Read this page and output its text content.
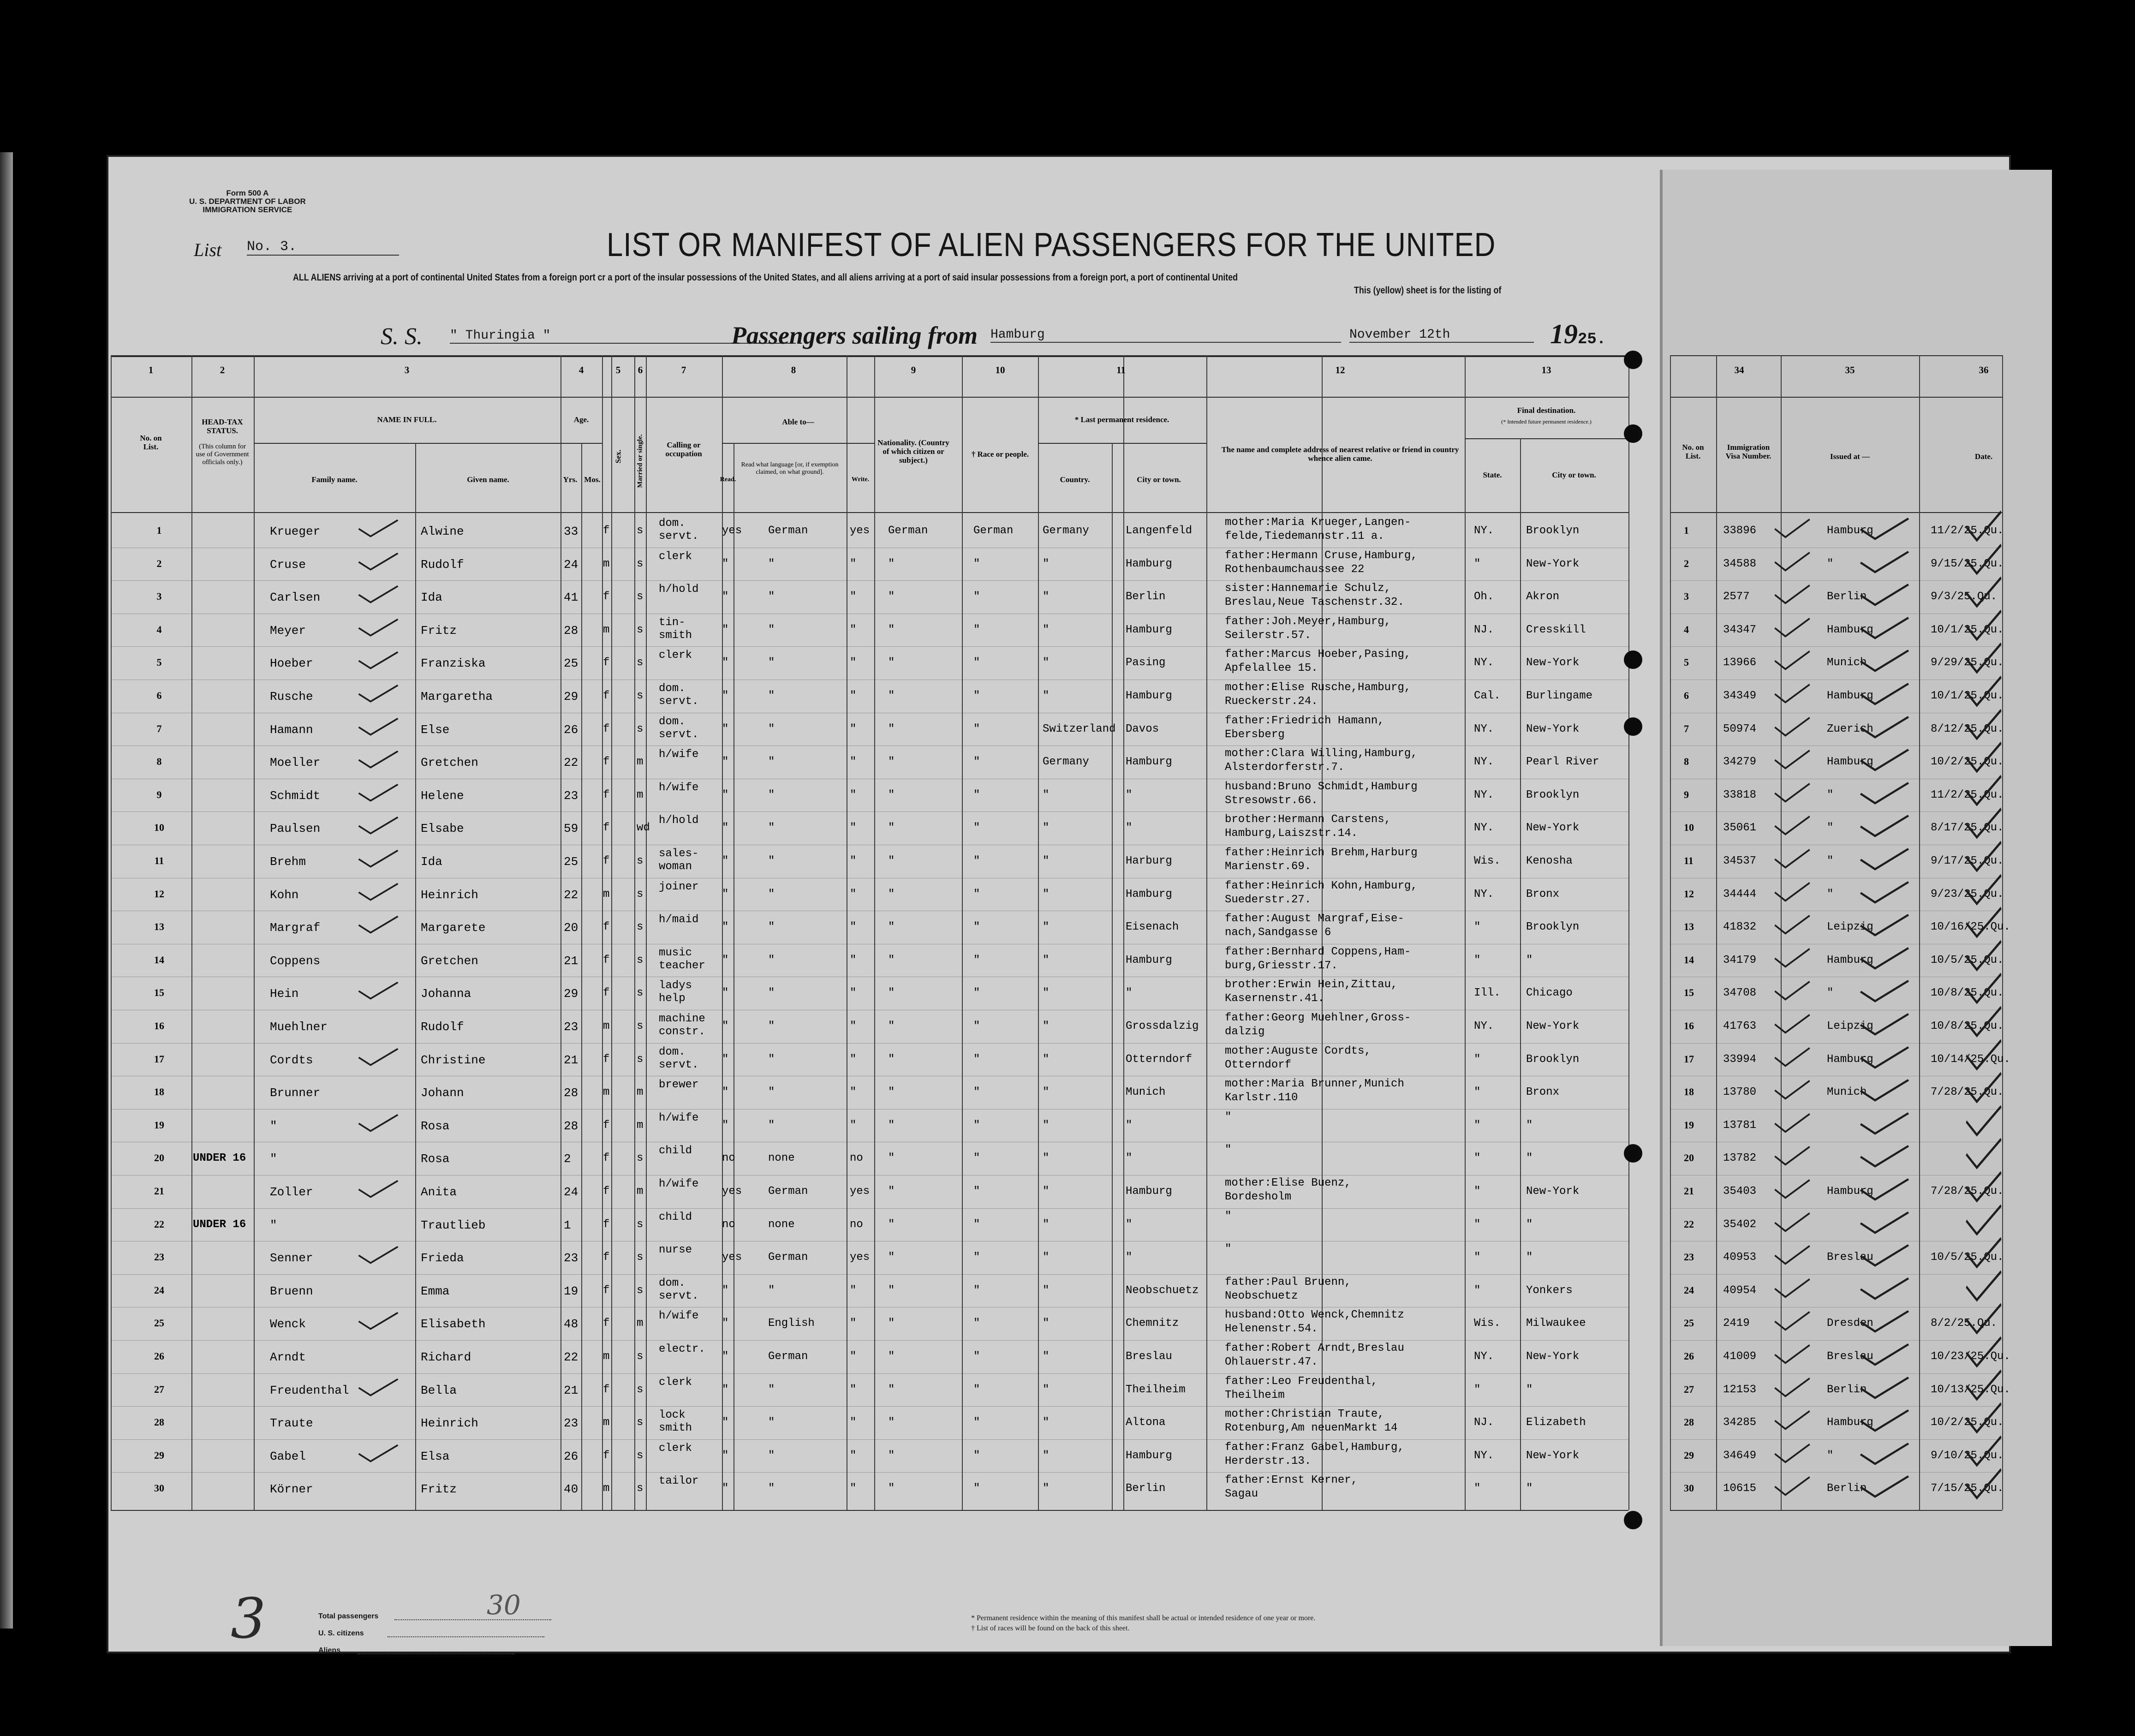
Form 500 A
U. S. DEPARTMENT OF LABOR
IMMIGRATION SERVICE
List No. 3.	LIST OR MANIFEST OF ALIEN PASSENGERS FOR THE UNITED
ALL ALIENS arriving at a port of continental United States from a foreign port cr a port of the insular possessions of the United States, and all aliens arriving at a port of said insular possessions from a foreign port, a port of continental United
This (yellow) sheet is for the listing of
S. S. " Thuringia "	Passengers sailing from Hamburg	November 12th	1925.
Total passengers
U. S. citizens
Aliens
30
3	* Permanent residence within the meaning of this manifest shall be actual or intended residence of one year or more.
† List of races will be found on the back of this sheet.
1	2	3	4	5	6	7	8	9	10	11	12	13	34	35	36
No. on List.
HEAD-TAX STATUS.
(This column for use of Government officials only.)
NAME IN FULL.
Family name.	Given name.
Age.
Yrs. Mos.
Sex. Married or single.	Calling or occupation
Able to—
Read.
Read what language [or, if exemption claimed, on what ground].
Write.
Nationality. (Country of which citizen or subject.)
† Race or people.
* Last permanent residence.
Country.	City or town.
The name and complete address of nearest relative or friend in country whence alien came.
Final destination.
(* Intended future permanent residence.)
State.	City or town.
No. on List.
Immigration Visa Number.	Issued at —	Date.
1	Krueger	Alwine	33 f s
dom. servt.	yes German	yes German	German	Germany	Langenfeld
mother:Maria Krueger,Langen-
felde,Tiedemannstr.11 a.	NY.	Brooklyn	1	33896	Hamburg	11/2/25.Qu.
2	Cruse	Rudolf	24 m s
clerk
"	"	"	"	"	"	Hamburg
father:Hermann Cruse,Hamburg,
Rothenbaumchaussee 22	"	New-York	2	34588	"	9/15/25.Qu.
3	Carlsen	Ida	41 f s
h/hold
"	"	"	"	"	"	Berlin
sister:Hannemarie Schulz,
Breslau,Neue Taschenstr.32.	Oh.	Akron	3	2577	Berlin	9/3/25.Qu.
4	Meyer	Fritz	28 m s
tin- smith	"	"	"	"	"	"	Hamburg
father:Joh.Meyer,Hamburg,
Seilerstr.57.	NJ.	Cresskill	4	34347	Hamburg	10/1/25.Qu.
5	Hoeber	Franziska	25 f s
clerk
"	"	"	"	"	"	Pasing
father:Marcus Hoeber,Pasing,
Apfelallee 15.	NY.	New-York	5	13966	Munich	9/29/25.Qu.
6	Rusche	Margaretha	29 f s
dom. servt.	"	"	"	"	"	"	Hamburg
mother:Elise Rusche,Hamburg,
Rueckerstr.24.	Cal. Burlingame	6	34349	Hamburg	10/1/25.Qu.
7	Hamann	Else	26 f s
dom. servt.	"	"	"	"	"	Switzerland Davos
father:Friedrich Hamann,
Ebersberg	NY.	New-York	7	50974	Zuerich	8/12/25.Qu.
8	Moeller	Gretchen	22 f m
h/wife
"	"	"	"	"	Germany	Hamburg
mother:Clara Willing,Hamburg,
Alsterdorferstr.7.	NY.	Pearl River	8	34279	Hamburg	10/2/25.Qu.
9	Schmidt	Helene	23 f m
h/wife
"	"	"	"	"	"	"
husband:Bruno Schmidt,Hamburg
Stresowstr.66.	NY.	Brooklyn	9	33818	"	11/2/25.Qu.
10	Paulsen	Elsabe	59 f wd
h/hold
"	"	"	"	"	"	"
brother:Hermann Carstens,
Hamburg,Laiszstr.14.	NY.	New-York	10	35061	"	8/17/25.Qu.
11	Brehm	Ida	25 f s
sales- woman	"	"	"	"	"	"	Harburg
father:Heinrich Brehm,Harburg
Marienstr.69.	Wis. Kenosha	11	34537	"	9/17/25.Qu.
12	Kohn	Heinrich	22 m s
joiner
"	"	"	"	"	"	Hamburg
father:Heinrich Kohn,Hamburg,
Suederstr.27.	NY.	Bronx	12	34444	"	9/23/25.Qu.
13	Margraf	Margarete	20 f s
h/maid
"	"	"	"	"	"	Eisenach
father:August Margraf,Eise-
nach,Sandgasse 6	"	Brooklyn	13	41832	Leipzig	10/16/25.Qu.
14	Coppens	Gretchen	21 f s
music teacher	"	"	"	"	"	"	Hamburg
father:Bernhard Coppens,Ham-
burg,Griesstr.17.	"	"	14	34179	Hamburg	10/5/25.Qu.
15	Hein	Johanna	29 f s
ladys help	"	"	"	"	"	"	"
brother:Erwin Hein,Zittau,
Kasernenstr.41.	Ill. Chicago	15	34708	"	10/8/25.Qu.
16	Muehlner	Rudolf	23 m s
machine constr.	"	"	"	"	"	"	Grossdalzig
father:Georg Muehlner,Gross-
dalzig	NY.	New-York	16	41763	Leipzig	10/8/25.Qu.
17	Cordts	Christine	21 f s
dom. servt.	"	"	"	"	"	"	Otterndorf
mother:Auguste Cordts,
Otterndorf	"	Brooklyn	17	33994	Hamburg	10/14/25.Qu.
18	Brunner	Johann	28 m m
brewer
"	"	"	"	"	"	Munich
mother:Maria Brunner,Munich
Karlstr.110	"	Bronx	18	13780	Munich	7/28/25.Qu.
19	"	Rosa	28 f m
h/wife
"	"	"	"	"	"	"
"
"	"	19	13781
20	UNDER 16 "	Rosa	2	f s
child
no	none	no "	"	"	"
"
"	"	20	13782
21	Zoller	Anita	24 f m
h/wife
yes German	yes "	"	"	Hamburg
mother:Elise Buenz,
Bordesholm	"	New-York	21	35403	Hamburg	7/28/25.Qu.
22	UNDER 16 "	Trautlieb	1	f s
child
no	none	no "	"	"	"
"
"	"	22	35402
23	Senner	Frieda	23 f s
nurse
yes German	yes "	"	"	"
"
"	"	23	40953	Breslau	10/5/25.Qu.
24	Bruenn	Emma	19 f s
dom. servt.	"	"	"	"	"	"	Neobschuetz
father:Paul Bruenn,
Neobschuetz	"	Yonkers	24	40954
25	Wenck	Elisabeth	48 f m
h/wife
"	English	"	"	"	"	Chemnitz
husband:Otto Wenck,Chemnitz
Helenenstr.54.	Wis. Milwaukee	25	2419	Dresden	8/2/25.Qu.
26	Arndt	Richard	22 m s
electr.
"	German	"	"	"	"	Breslau
father:Robert Arndt,Breslau
Ohlauerstr.47.	NY.	New-York	26	41009	Breslau	10/23/25.Qu.
27	Freudenthal	Bella	21 f s
clerk
"	"	"	"	"	"	Theilheim
father:Leo Freudenthal,
Theilheim	"	"	27	12153	Berlin	10/13/25.Qu.
28	Traute	Heinrich	23 m s
lock smith	"	"	"	"	"	"	Altona
mother:Christian Traute,
Rotenburg,Am neuenMarkt 14	NJ.	Elizabeth	28	34285	Hamburg	10/2/25.Qu.
29	Gabel	Elsa	26 f s
clerk
"	"	"	"	"	"	Hamburg
father:Franz Gabel,Hamburg,
Herderstr.13.	NY.	New-York	29	34649	"	9/10/25.Qu.
30	Körner	Fritz	40 m s
tailor
"	"	"	"	"	"	Berlin
father:Ernst Kerner,
Sagau	"	"	30	10615	Berlin	7/15/25.Qu.
